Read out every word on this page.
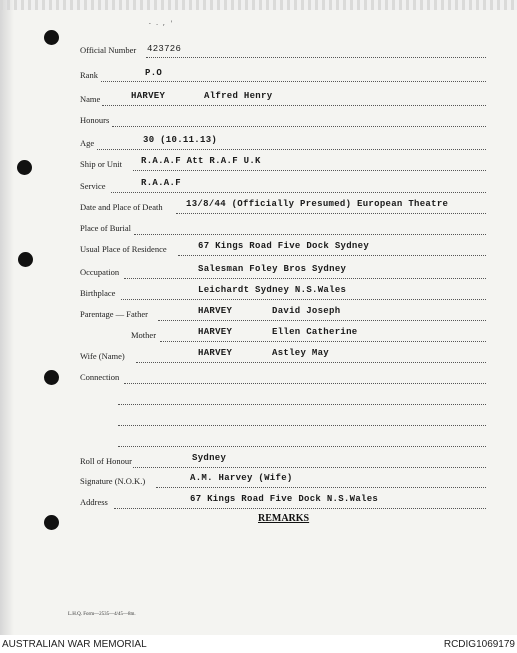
- . , '
Official Number 423726
Rank	P.O
Name	HARVEY	Alfred Henry
Honours
Age	30 (10.11.13)
Ship or Unit R.A.A.F Att R.A.F U.K
Service	R.A.A.F
Date and Place of Death	13/8/44 (Officially Presumed) European Theatre
Place of Burial
Usual Place of Residence	67 Kings Road Five Dock Sydney
Occupation	Salesman Foley Bros Sydney
Birthplace	Leichardt Sydney N.S.Wales
Parentage — Father	HARVEY	David Joseph
Mother	HARVEY	Ellen Catherine
Wife (Name)	HARVEY	Astley May
Connection
Roll of Honour	Sydney
Signature (N.O.K.)	A.M. Harvey (Wife)
Address	67 Kings Road Five Dock N.S.Wales
REMARKS
L.H.Q. Form—2535—4/45—8m.
AUSTRALIAN WAR MEMORIAL	RCDIG1069179
